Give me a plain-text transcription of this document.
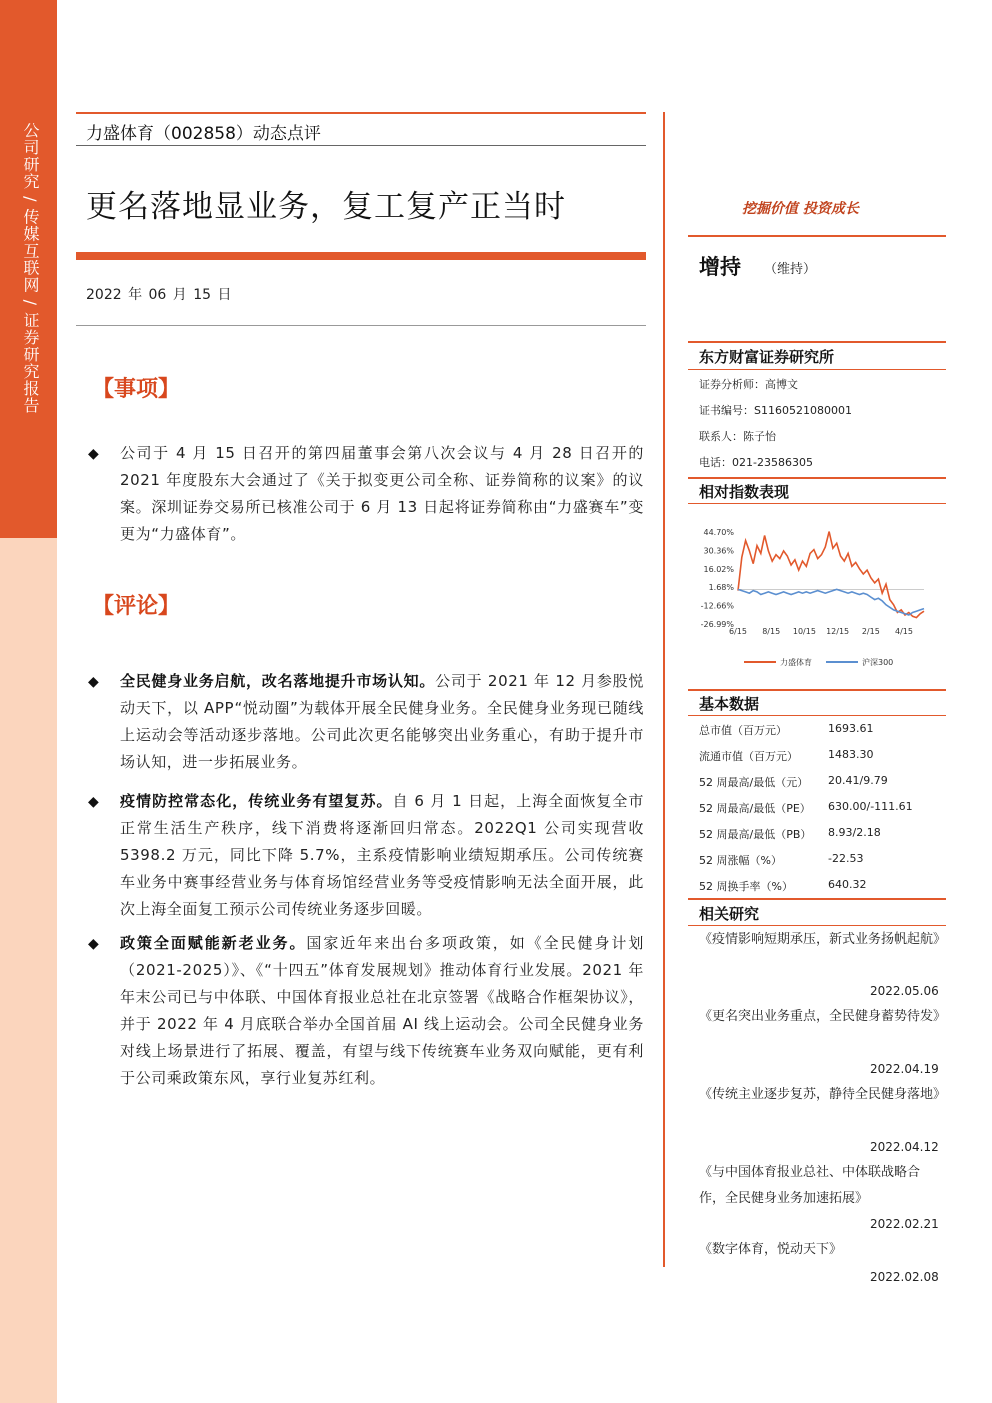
公司研究 / 传媒互联网 / 证券研究报告	力盛体育（002858）动态点评
更名落地显业务，复工复产正当时
2022 年 06 月 15 日
【事项】
◆ 公司于 4 月 15 日召开的第四届董事会第八次会议与 4 月 28 日召开的 2021 年度股东大会通过了《关于拟变更公司全称、证券简称的议案》的议案。深圳证券交易所已核准公司于 6 月 13 日起将证券简称由“力盛赛车”变更为“力盛体育”。
【评论】
◆ 全民健身业务启航，改名落地提升市场认知。公司于 2021 年 12 月参股悦动天下，以 APP“悦动圈”为载体开展全民健身业务。全民健身业务现已随线上运动会等活动逐步落地。公司此次更名能够突出业务重心，有助于提升市场认知，进一步拓展业务。
◆ 疫情防控常态化，传统业务有望复苏。自 6 月 1 日起，上海全面恢复全市正常生活生产秩序，线下消费将逐渐回归常态。2022Q1 公司实现营收 5398.2 万元，同比下降 5.7%，主系疫情影响业绩短期承压。公司传统赛车业务中赛事经营业务与体育场馆经营业务等受疫情影响无法全面开展，此次上海全面复工预示公司传统业务逐步回暖。
◆ 政策全面赋能新老业务。国家近年来出台多项政策，如《全民健身计划（2021-2025）》、《“十四五”体育发展规划》推动体育行业发展。2021 年年末公司已与中体联、中国体育报业总社在北京签署《战略合作框架协议》，并于 2022 年 4 月底联合举办全国首届 AI 线上运动会。公司全民健身业务对线上场景进行了拓展、覆盖，有望与线下传统赛车业务双向赋能，更有利于公司乘政策东风，享行业复苏红利。
挖掘价值 投资成长
增持 （维持）
东方财富证券研究所
证券分析师：高博文
证书编号：S1160521080001
联系人：陈子怡
电话：021-23586305
相对指数表现
44.70%
30.36%
16.02%
1.68%
-12.66%
-26.99%
6/15 8/15 10/15 12/15 2/15 4/15
力盛体育	沪深300
基本数据
总市值（百万元）	1693.61
流通市值（百万元）	1483.30
52 周最高/最低（元） 20.41/9.79
52 周最高/最低（PE） 630.00/-111.61
52 周最高/最低（PB） 8.93/2.18
52 周涨幅（%）	-22.53
52 周换手率（%）	640.32
相关研究
《疫情影响短期承压，新式业务扬帆起航》
2022.05.06
《更名突出业务重点，全民健身蓄势待发》
2022.04.19
《传统主业逐步复苏，静待全民健身落地》
2022.04.12
《与中国体育报业总社、中体联战略合作，全民健身业务加速拓展》
2022.02.21
《数字体育，悦动天下》
2022.02.08
